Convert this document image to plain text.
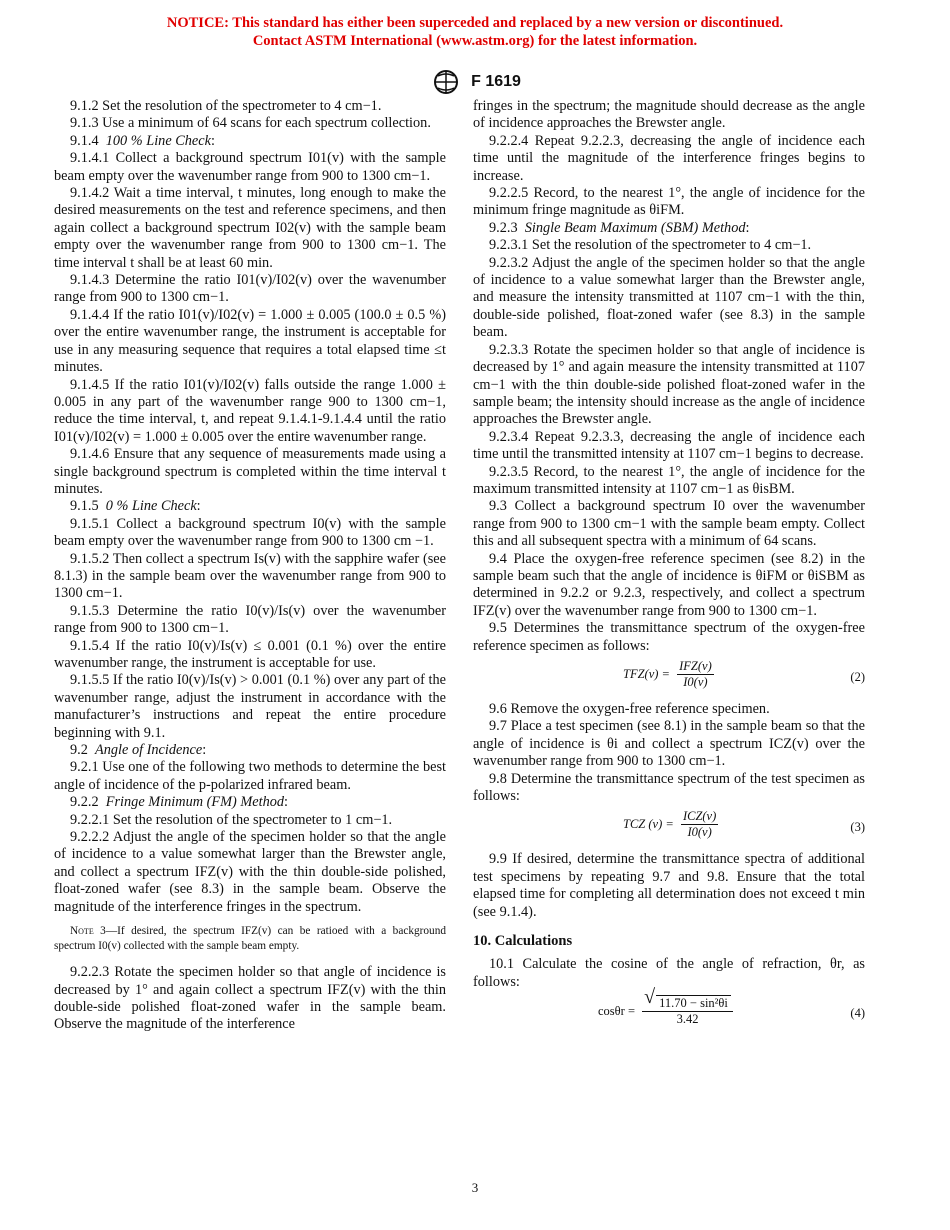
NOTICE: This standard has either been superceded and replaced by a new version or discontinued.
Contact ASTM International (www.astm.org) for the latest information.
F 1619

9.1.2 Set the resolution of the spectrometer to 4 cm−1.

9.1.3 Use a minimum of 64 scans for each spectrum collection.

9.1.4 100 % Line Check:

9.1.4.1 Collect a background spectrum I01(v) with the sample beam empty over the wavenumber range from 900 to 1300 cm−1.

9.1.4.2 Wait a time interval, t minutes, long enough to make the desired measurements on the test and reference specimens, and then again collect a background spectrum I02(v) with the sample beam empty over the wavenumber range from 900 to 1300 cm−1. The time interval t shall be at least 60 min.

9.1.4.3 Determine the ratio I01(v)/I02(v) over the wavenumber range from 900 to 1300 cm−1.

9.1.4.4 If the ratio I01(v)/I02(v) = 1.000 ± 0.005 (100.0 ± 0.5 %) over the entire wavenumber range, the instrument is acceptable for use in any measuring sequence that requires a total elapsed time ≤t minutes.

9.1.4.5 If the ratio I01(v)/I02(v) falls outside the range 1.000 ± 0.005 in any part of the wavenumber range 900 to 1300 cm−1, reduce the time interval, t, and repeat 9.1.4.1-9.1.4.4 until the ratio I01(v)/I02(v) = 1.000 ± 0.005 over the entire wavenumber range.

9.1.4.6 Ensure that any sequence of measurements made using a single background spectrum is completed within the time interval t minutes.

9.1.5 0 % Line Check:

9.1.5.1 Collect a background spectrum I0(v) with the sample beam empty over the wavenumber range from 900 to 1300 cm −1.

9.1.5.2 Then collect a spectrum Is(v) with the sapphire wafer (see 8.1.3) in the sample beam over the wavenumber range from 900 to 1300 cm−1.

9.1.5.3 Determine the ratio I0(v)/Is(v) over the wavenumber range from 900 to 1300 cm−1.

9.1.5.4 If the ratio I0(v)/Is(v) ≤ 0.001 (0.1 %) over the entire wavenumber range, the instrument is acceptable for use.

9.1.5.5 If the ratio I0(v)/Is(v) > 0.001 (0.1 %) over any part of the wavenumber range, adjust the instrument in accordance with the manufacturer’s instructions and repeat the entire procedure beginning with 9.1.

9.2 Angle of Incidence:

9.2.1 Use one of the following two methods to determine the best angle of incidence of the p-polarized infrared beam.

9.2.2 Fringe Minimum (FM) Method:

9.2.2.1 Set the resolution of the spectrometer to 1 cm−1.

9.2.2.2 Adjust the angle of the specimen holder so that the angle of incidence to a value somewhat larger than the Brewster angle, and collect a spectrum IFZ(v) with the thin double-side polished, float-zoned wafer (see 8.3) in the sample beam. Observe the magnitude of the interference fringes in the spectrum.

Note 3—If desired, the spectrum IFZ(v) can be ratioed with a background spectrum I0(v) collected with the sample beam empty.

9.2.2.3 Rotate the specimen holder so that angle of incidence is decreased by 1° and again collect a spectrum IFZ(v) with the thin double-side polished float-zoned wafer in the sample beam. Observe the magnitude of the interference

fringes in the spectrum; the magnitude should decrease as the angle of incidence approaches the Brewster angle.

9.2.2.4 Repeat 9.2.2.3, decreasing the angle of incidence each time until the magnitude of the interference fringes begins to increase.

9.2.2.5 Record, to the nearest 1°, the angle of incidence for the minimum fringe magnitude as θiFM.

9.2.3 Single Beam Maximum (SBM) Method:

9.2.3.1 Set the resolution of the spectrometer to 4 cm−1.

9.2.3.2 Adjust the angle of the specimen holder so that the angle of incidence to a value somewhat larger than the Brewster angle, and measure the intensity transmitted at 1107 cm−1 with the thin, double-side polished, float-zoned wafer (see 8.3) in the sample beam.

9.2.3.3 Rotate the specimen holder so that angle of incidence is decreased by 1° and again measure the intensity transmitted at 1107 cm−1 with the thin double-side polished float-zoned wafer in the sample beam; the intensity should increase as the angle of incidence approaches the Brewster angle.

9.2.3.4 Repeat 9.2.3.3, decreasing the angle of incidence each time until the transmitted intensity at 1107 cm−1 begins to decrease.

9.2.3.5 Record, to the nearest 1°, the angle of incidence for the maximum transmitted intensity at 1107 cm−1 as θisBM.

9.3 Collect a background spectrum I0 over the wavenumber range from 900 to 1300 cm−1 with the sample beam empty. Collect this and all subsequent spectra with a minimum of 64 scans.

9.4 Place the oxygen-free reference specimen (see 8.2) in the sample beam such that the angle of incidence is θiFM or θiSBM as determined in 9.2.2 or 9.2.3, respectively, and collect a spectrum IFZ(v) over the wavenumber range from 900 to 1300 cm−1.

9.5 Determines the transmittance spectrum of the oxygen-free reference specimen as follows:

$TFZ(v) = \frac{\text{IFZ(v)}}{I0(v)}$	(2)

9.6 Remove the oxygen-free reference specimen.

9.7 Place a test specimen (see 8.1) in the sample beam so that the angle of incidence is θi and collect a spectrum ICZ(v) over the wavenumber range from 900 to 1300 cm−1.

9.8 Determine the transmittance spectrum of the test specimen as follows:

TCZ $(v) = \frac{\text{ICZ(v)}}{I0(v)}$	(3)

9.9 If desired, determine the transmittance spectra of additional test specimens by repeating 9.7 and 9.8. Ensure that the total elapsed time for completing all determination does not exceed t min (see 9.1.4).

10. Calculations

10.1 Calculate the cosine of the angle of refraction, θr, as follows:

cosθr =
√ $\frac{\text{11.70 − sin²θi}}{3.42}$	(4)
3
